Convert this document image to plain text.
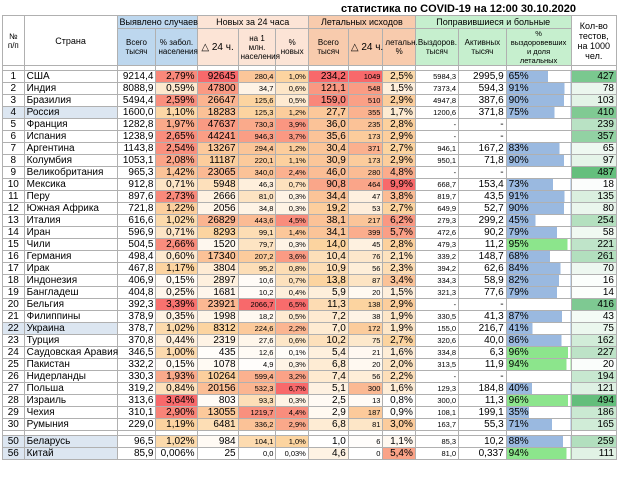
статистика по COVID-19 на 12:00 30.10.2020
№ п/п	Страна	Выявлено случаев		Новых за 24 часа			Летальных исходов			Поправившиеся и больные			Кол-во тестов, на 1000 чел.
		Всего тысяч	% забол. населения	△ 24 ч.	на 1 млн. населения	% новых	Всего тысяч	△ 24 ч.	летальн. %	Выздоров. тысяч	Активных тысяч	% выздоровевших и доля летальных	

1	США	9214,4	2,79%	92645	280,4	1,0%	234,2	1049	2,5%	5984,3	2995,9	65%	427
2	Индия	8088,9	0,59%	47800	34,7	0,6%	121,1	548	1,5%	7373,4	594,3	91%	78
3	Бразилия	5494,4	2,59%	26647	125,6	0,5%	159,0	510	2,9%	4947,8	387,6	90%	103
4	Россия	1600,0	1,10%	18283	125,3	1,2%	27,7	355	1,7%	1200,6	371,8	75%	410
5	Франция	1282,8	1,97%	47637	730,3	3,9%	36,0	235	2,8%	-	-		239
6	Испания	1238,9	2,65%	44241	946,3	3,7%	35,6	173	2,9%	-	-		357
7	Аргентина	1143,8	2,54%	13267	294,4	1,2%	30,4	371	2,7%	946,1	167,2	83%	65
8	Колумбия	1053,1	2,08%	11187	220,1	1,1%	30,9	173	2,9%	950,1	71,8	90%	97
9	Великобритания	965,3	1,42%	23065	340,0	2,4%	46,0	280	4,8%	-	-		487
10	Мексика	912,8	0,71%	5948	46,3	0,7%	90,8	464	9,9%	668,7	153,4	73%	18
11	Перу	897,6	2,73%	2666	81,0	0,3%	34,4	47	3,8%	819,7	43,5	91%	135
12	Южная Африка	721,8	1,22%	2056	34,8	0,3%	19,2	53	2,7%	649,9	52,7	90%	80
13	Италия	616,6	1,02%	26829	443,6	4,5%	38,1	217	6,2%	279,3	299,2	45%	254
14	Иран	596,9	0,71%	8293	99,1	1,4%	34,1	399	5,7%	472,6	90,2	79%	58
15	Чили	504,5	2,66%	1520	79,7	0,3%	14,0	45	2,8%	479,3	11,2	95%	221
16	Германия	498,4	0,60%	17340	207,2	3,6%	10,4	76	2,1%	339,2	148,7	68%	261
17	Ирак	467,8	1,17%	3804	95,2	0,8%	10,9	56	2,3%	394,2	62,6	84%	70
18	Индонезия	406,9	0,15%	2897	10,6	0,7%	13,8	87	3,4%	334,3	58,9	82%	16
19	Бангладеш	404,8	0,25%	1681	10,2	0,4%	5,9	20	1,5%	321,3	77,6	79%	14
20	Бельгия	392,3	3,39%	23921	2066,7	6,5%	11,3	138	2,9%	-	-		416
21	Филиппины	378,9	0,35%	1998	18,2	0,5%	7,2	38	1,9%	330,5	41,3	87%	43
22	Украина	378,7	1,02%	8312	224,6	2,2%	7,0	172	1,9%	155,0	216,7	41%	75
23	Турция	370,8	0,44%	2319	27,6	0,6%	10,2	75	2,7%	320,6	40,0	86%	162
24	Саудовская Аравия	346,5	1,00%	435	12,6	0,1%	5,4	21	1,6%	334,8	6,3	96%	227
25	Пакистан	332,2	0,15%	1078	4,9	0,3%	6,8	20	2,0%	313,5	11,9	94%	20
26	Нидерланды	330,3	1,93%	10264	599,4	3,2%	7,4	56	2,2%	-	-		194
27	Польша	319,2	0,84%	20156	532,3	6,7%	5,1	300	1,6%	129,3	184,8	40%	121
28	Израиль	313,6	3,64%	803	93,3	0,3%	2,5	13	0,8%	300,0	11,3	96%	494
29	Чехия	310,1	2,90%	13055	1219,7	4,4%	2,9	187	0,9%	108,1	199,1	35%	186
30	Румыния	229,0	1,19%	6481	336,2	2,9%	6,8	81	3,0%	163,7	55,3	71%	165

50	Беларусь	96,5	1,02%	984	104,1	1,0%	1,0	6	1,1%	85,3	10,2	88%	259
56	Китай	85,9	0,006%	25	0,0	0,03%	4,6	0	5,4%	81,0	0,337	94%	111
